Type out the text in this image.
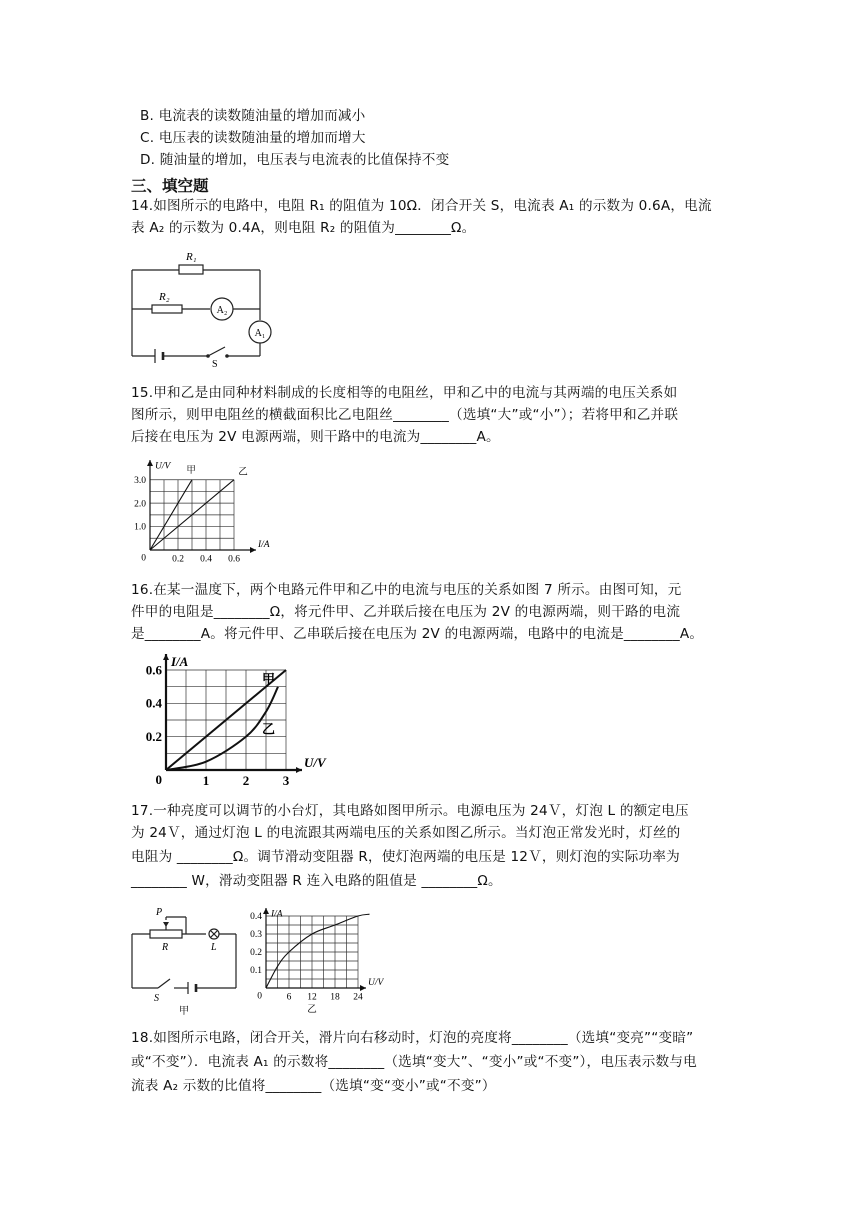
B. 电流表的读数随油量的增加而减小
C. 电压表的读数随油量的增加而增大
D. 随油量的增加，电压表与电流表的比值保持不变
三、填空题
14.如图所示的电路中，电阻 R₁ 的阻值为 10Ω．闭合开关 S，电流表 A₁ 的示数为 0.6A，电流
表 A₂ 的示数为 0.4A，则电阻 R₂ 的阻值为________Ω。
R₁
R₂
A₂
A₁
S
15.甲和乙是由同种材料制成的长度相等的电阻丝，甲和乙中的电流与其两端的电压关系如
图所示，则甲电阻丝的横截面积比乙电阻丝________（选填“大”或“小”）；若将甲和乙并联
后接在电压为 2V 电源两端，则干路中的电流为________A。
0.2 0.4 0.6
1.0
2.0
3.0
0
I/A
U/V 甲	乙
16.在某一温度下，两个电路元件甲和乙中的电流与电压的关系如图 7 所示。由图可知，元
件甲的电阻是________Ω，将元件甲、乙并联后接在电压为 2V 的电源两端，则干路的电流
是________A。将元件甲、乙串联后接在电压为 2V 的电源两端，电路中的电流是________A。
1	2	3
0.2
0.4
0.6
0
U/V
I/A
甲
乙
17.一种亮度可以调节的小台灯，其电路如图甲所示。电源电压为 24Ｖ，灯泡 L 的额定电压
为 24Ｖ，通过灯泡 L 的电流跟其两端电压的关系如图乙所示。当灯泡正常发光时，灯丝的
电阻为 ________Ω。调节滑动变阻器 R，使灯泡两端的电压是 12Ｖ，则灯泡的实际功率为
________ W，滑动变阻器 R 连入电路的阻值是 ________Ω。
P
R	L
S
甲
6 12 18 24
0.1
0.2
0.3
0.4
0
U/V
I/A
乙
18.如图所示电路，闭合开关，滑片向右移动时，灯泡的亮度将________（选填“变亮”“变暗”
或“不变”）．电流表 A₁ 的示数将________（选填“变大”、“变小”或“不变”），电压表示数与电
流表 A₂ 示数的比值将________（选填“变“变小”或“不变”）
